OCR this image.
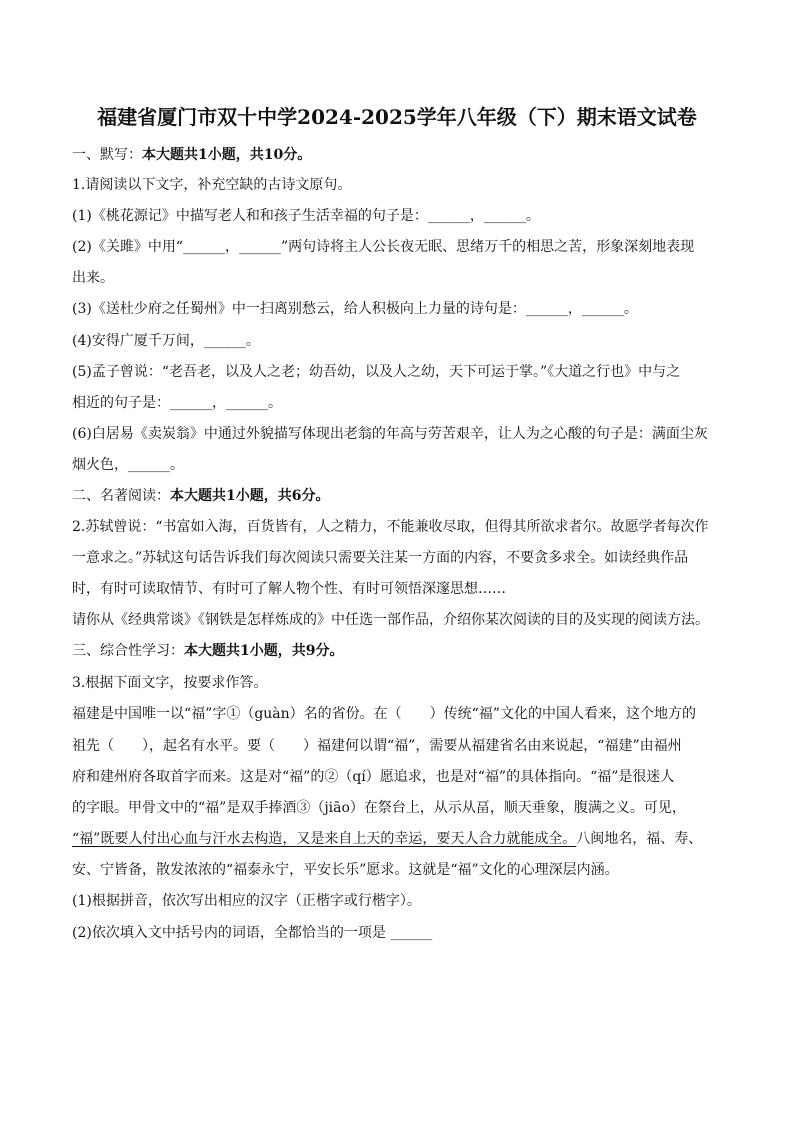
福建省厦门市双十中学2024-2025学年八年级（下）期末语文试卷
一、默写：本大题共1小题，共10分。
1.请阅读以下文字，补充空缺的古诗文原句。
(1)《桃花源记》中描写老人和和孩子生活幸福的句子是：______，______。
(2)《关雎》中用“______，______”两句诗将主人公长夜无眠、思绪万千的相思之苦，形象深刻地表现
出来。
(3)《送杜少府之任蜀州》中一扫离别愁云，给人积极向上力量的诗句是：______，______。
(4)安得广厦千万间，______。
(5)孟子曾说：“老吾老，以及人之老；幼吾幼，以及人之幼，天下可运于掌。”《大道之行也》中与之
相近的句子是：______，______。
(6)白居易《卖炭翁》中通过外貌描写体现出老翁的年高与劳苦艰辛，让人为之心酸的句子是：满面尘灰
烟火色，______。
二、名著阅读：本大题共1小题，共6分。
2.苏轼曾说：“书富如入海，百货皆有，人之精力，不能兼收尽取，但得其所欲求者尔。故愿学者每次作
一意求之。”苏轼这句话告诉我们每次阅读只需要关注某一方面的内容，不要贪多求全。如读经典作品
时，有时可读取情节、有时可了解人物个性、有时可领悟深邃思想……
请你从《经典常谈》《钢铁是怎样炼成的》中任选一部作品，介绍你某次阅读的目的及实现的阅读方法。
三、综合性学习：本大题共1小题，共9分。
3.根据下面文字，按要求作答。
福建是中国唯一以“福”字①（guàn）名的省份。在（　　）传统“福”文化的中国人看来，这个地方的
祖先（　　），起名有水平。要（　　）福建何以谓“福”，需要从福建省名由来说起，“福建”由福州
府和建州府各取首字而来。这是对“福”的②（qí）愿追求，也是对“福”的具体指向。“福”是很迷人
的字眼。甲骨文中的“福”是双手捧酒③（jiāo）在祭台上，从示从畐，顺天垂象，腹满之义。可见，
“福”既要人付出心血与汗水去构造，又是来自上天的幸运，要天人合力就能成全。八闽地名，福、寿、
安、宁皆备，散发浓浓的“福泰永宁，平安长乐”愿求。这就是“福”文化的心理深层内涵。
(1)根据拼音，依次写出相应的汉字（正楷字或行楷字）。
(2)依次填入文中括号内的词语，全都恰当的一项是 ______
